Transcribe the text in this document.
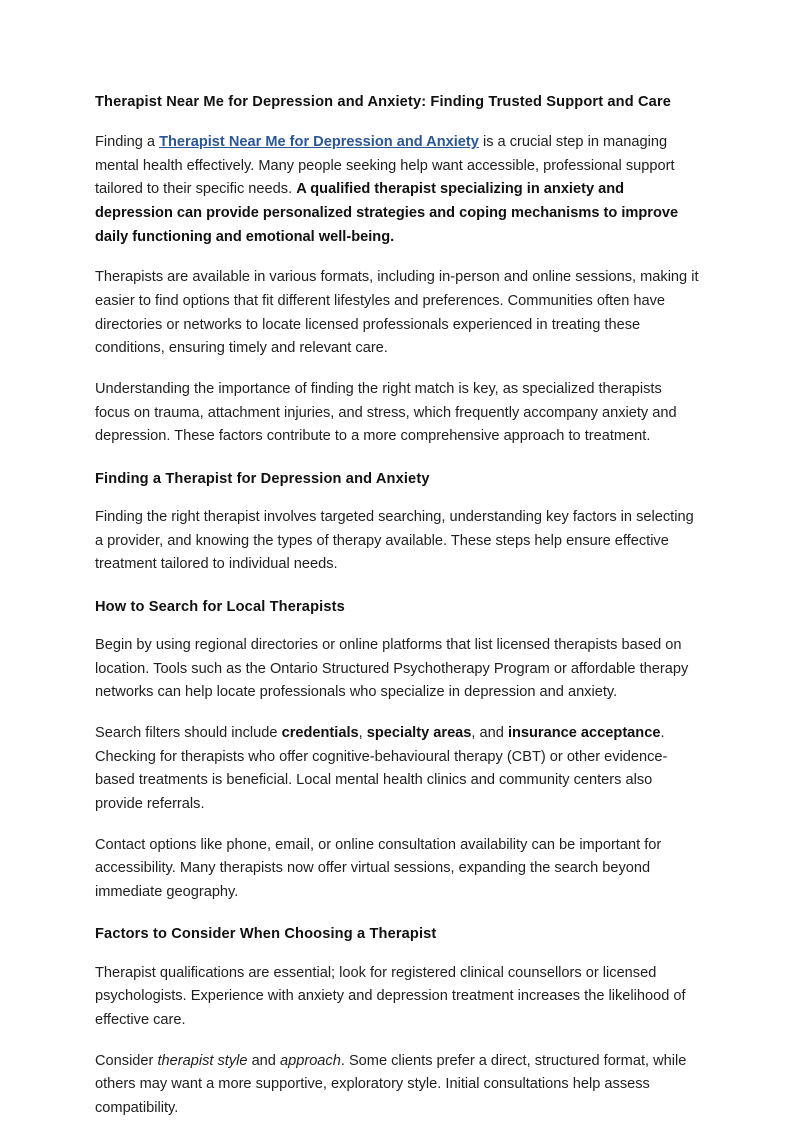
Therapist Near Me for Depression and Anxiety: Finding Trusted Support and Care

Finding a Therapist Near Me for Depression and Anxiety is a crucial step in managing mental health effectively. Many people seeking help want accessible, professional support tailored to their specific needs. A qualified therapist specializing in anxiety and depression can provide personalized strategies and coping mechanisms to improve daily functioning and emotional well-being.

Therapists are available in various formats, including in-person and online sessions, making it easier to find options that fit different lifestyles and preferences. Communities often have directories or networks to locate licensed professionals experienced in treating these conditions, ensuring timely and relevant care.

Understanding the importance of finding the right match is key, as specialized therapists focus on trauma, attachment injuries, and stress, which frequently accompany anxiety and depression. These factors contribute to a more comprehensive approach to treatment.

Finding a Therapist for Depression and Anxiety

Finding the right therapist involves targeted searching, understanding key factors in selecting a provider, and knowing the types of therapy available. These steps help ensure effective treatment tailored to individual needs.

How to Search for Local Therapists

Begin by using regional directories or online platforms that list licensed therapists based on location. Tools such as the Ontario Structured Psychotherapy Program or affordable therapy networks can help locate professionals who specialize in depression and anxiety.

Search filters should include credentials, specialty areas, and insurance acceptance. Checking for therapists who offer cognitive-behavioural therapy (CBT) or other evidence-based treatments is beneficial. Local mental health clinics and community centers also provide referrals.

Contact options like phone, email, or online consultation availability can be important for accessibility. Many therapists now offer virtual sessions, expanding the search beyond immediate geography.

Factors to Consider When Choosing a Therapist

Therapist qualifications are essential; look for registered clinical counsellors or licensed psychologists. Experience with anxiety and depression treatment increases the likelihood of effective care.

Consider therapist style and approach. Some clients prefer a direct, structured format, while others may want a more supportive, exploratory style. Initial consultations help assess compatibility.
